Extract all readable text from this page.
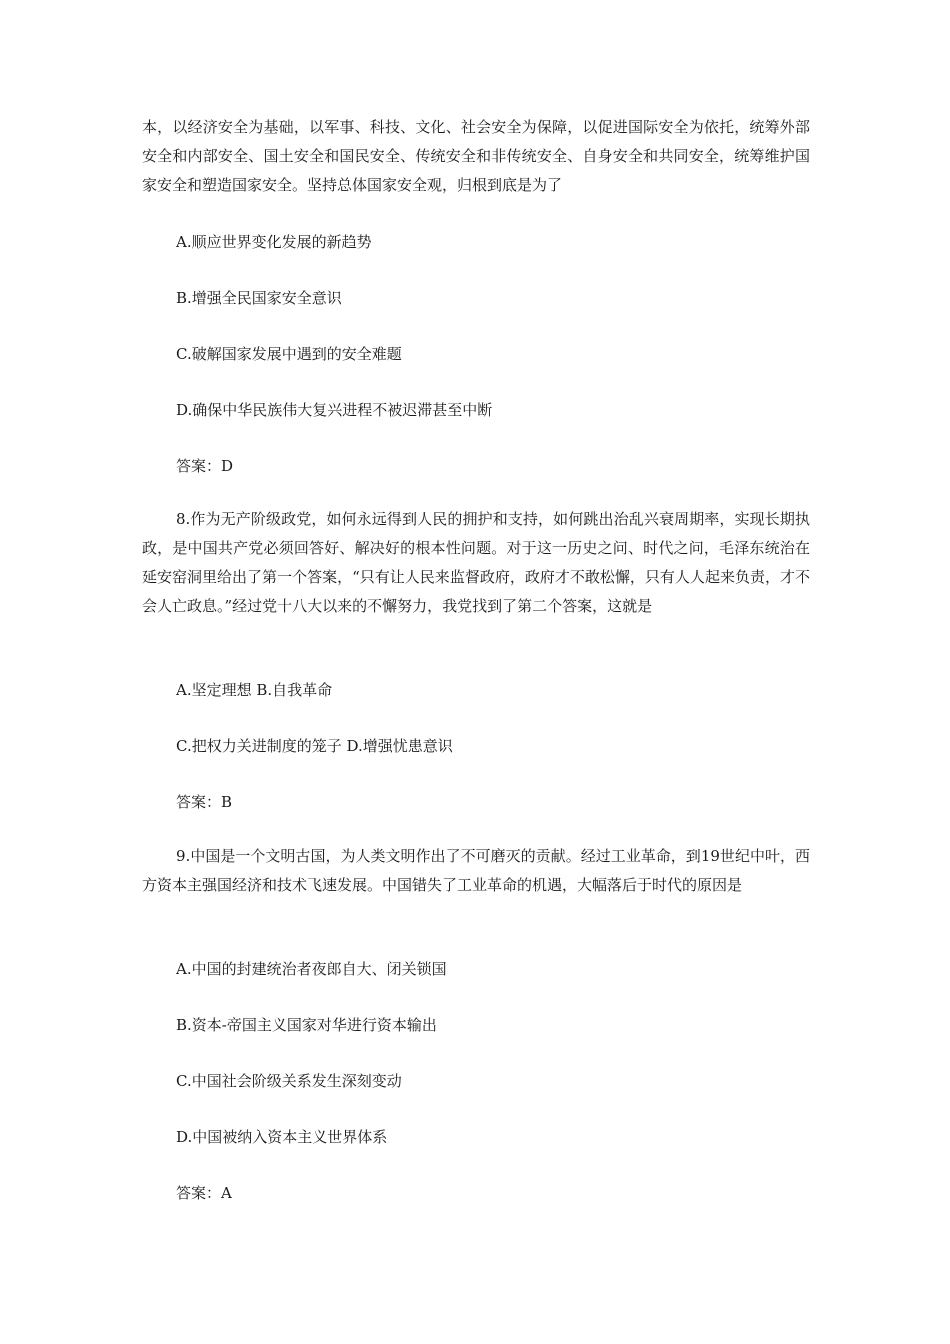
本，以经济安全为基础，以军事、科技、文化、社会安全为保障，以促进国际安全为依托，统筹外部安全和内部安全、国土安全和国民安全、传统安全和非传统安全、自身安全和共同安全，统筹维护国家安全和塑造国家安全。坚持总体国家安全观，归根到底是为了

A.顺应世界变化发展的新趋势

B.增强全民国家安全意识

C.破解国家发展中遇到的安全难题

D.确保中华民族伟大复兴进程不被迟滞甚至中断

答案：D

8.作为无产阶级政党，如何永远得到人民的拥护和支持，如何跳出治乱兴衰周期率，实现长期执政，是中国共产党必须回答好、解决好的根本性问题。对于这一历史之问、时代之问，毛泽东统治在延安窑洞里给出了第一个答案，“只有让人民来监督政府，政府才不敢松懈，只有人人起来负责，才不会人亡政息。”经过党十八大以来的不懈努力，我党找到了第二个答案，这就是

A.坚定理想 B.自我革命

C.把权力关进制度的笼子 D.增强忧患意识

答案：B

9.中国是一个文明古国，为人类文明作出了不可磨灭的贡献。经过工业革命，到19世纪中叶，西方资本主强国经济和技术飞速发展。中国错失了工业革命的机遇，大幅落后于时代的原因是

A.中国的封建统治者夜郎自大、闭关锁国

B.资本-帝国主义国家对华进行资本输出

C.中国社会阶级关系发生深刻变动

D.中国被纳入资本主义世界体系

答案：A
